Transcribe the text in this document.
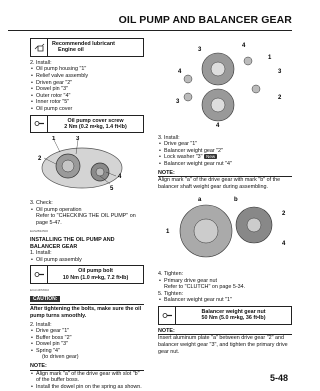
OIL PUMP AND BALANCER GEAR
Recommended lubricant
Engine oil
2. Install:
• Oil pump housing "1"
• Relief valve assembly
• Driven gear "2"
• Dowel pin "3"
• Outer rotor "4"
• Inner rotor "5"
• Oil pump cover
Oil pump cover screw
2 Nm (0.2 m•kg, 1.4 ft•lb)
1	3
2
4
5
3. Check:
• Oil pump operation
Refer to "CHECKING THE OIL PUMP" on
page 5-47.
EAS2B32500
INSTALLING THE OIL PUMP AND
BALANCER GEAR
1. Install:
• Oil pump assembly
Oil pump bolt
10 Nm (1.0 m•kg, 7.2 ft•lb)
ECA13PM002
CAUTION:
After tightening the bolts, make sure the oil pump turns smoothly.
2. Install:
• Drive gear "1"
• Buffer boss "2"
• Dowel pin "3"
• Spring "4"
(to driven gear)
NOTE:
• Align mark "a" of the drive gear with slot "b" of the buffer boss.
• Install the dowel pin on the spring as shown.
3
4
1
3
4
2
3
4
3. Install:
• Drive gear "1"
• Balancer weight gear "2"
• Lock washer "3" New
• Balancer weight gear nut "4"
NOTE:
Align mark "a" of the drive gear with mark "b" of the balancer shaft weight gear during assembling.
a	b
2
1
4
4. Tighten:
• Primary drive gear nut
Refer to "CLUTCH" on page 5-34.
5. Tighten:
• Balancer weight gear nut "1"
Balancer weight gear nut
50 Nm (5.0 m•kg, 36 ft•lb)
NOTE:
Insert aluminum plate "a" between drive gear "2" and balancer weight gear "3", and tighten the primary drive gear nut.
5-48
